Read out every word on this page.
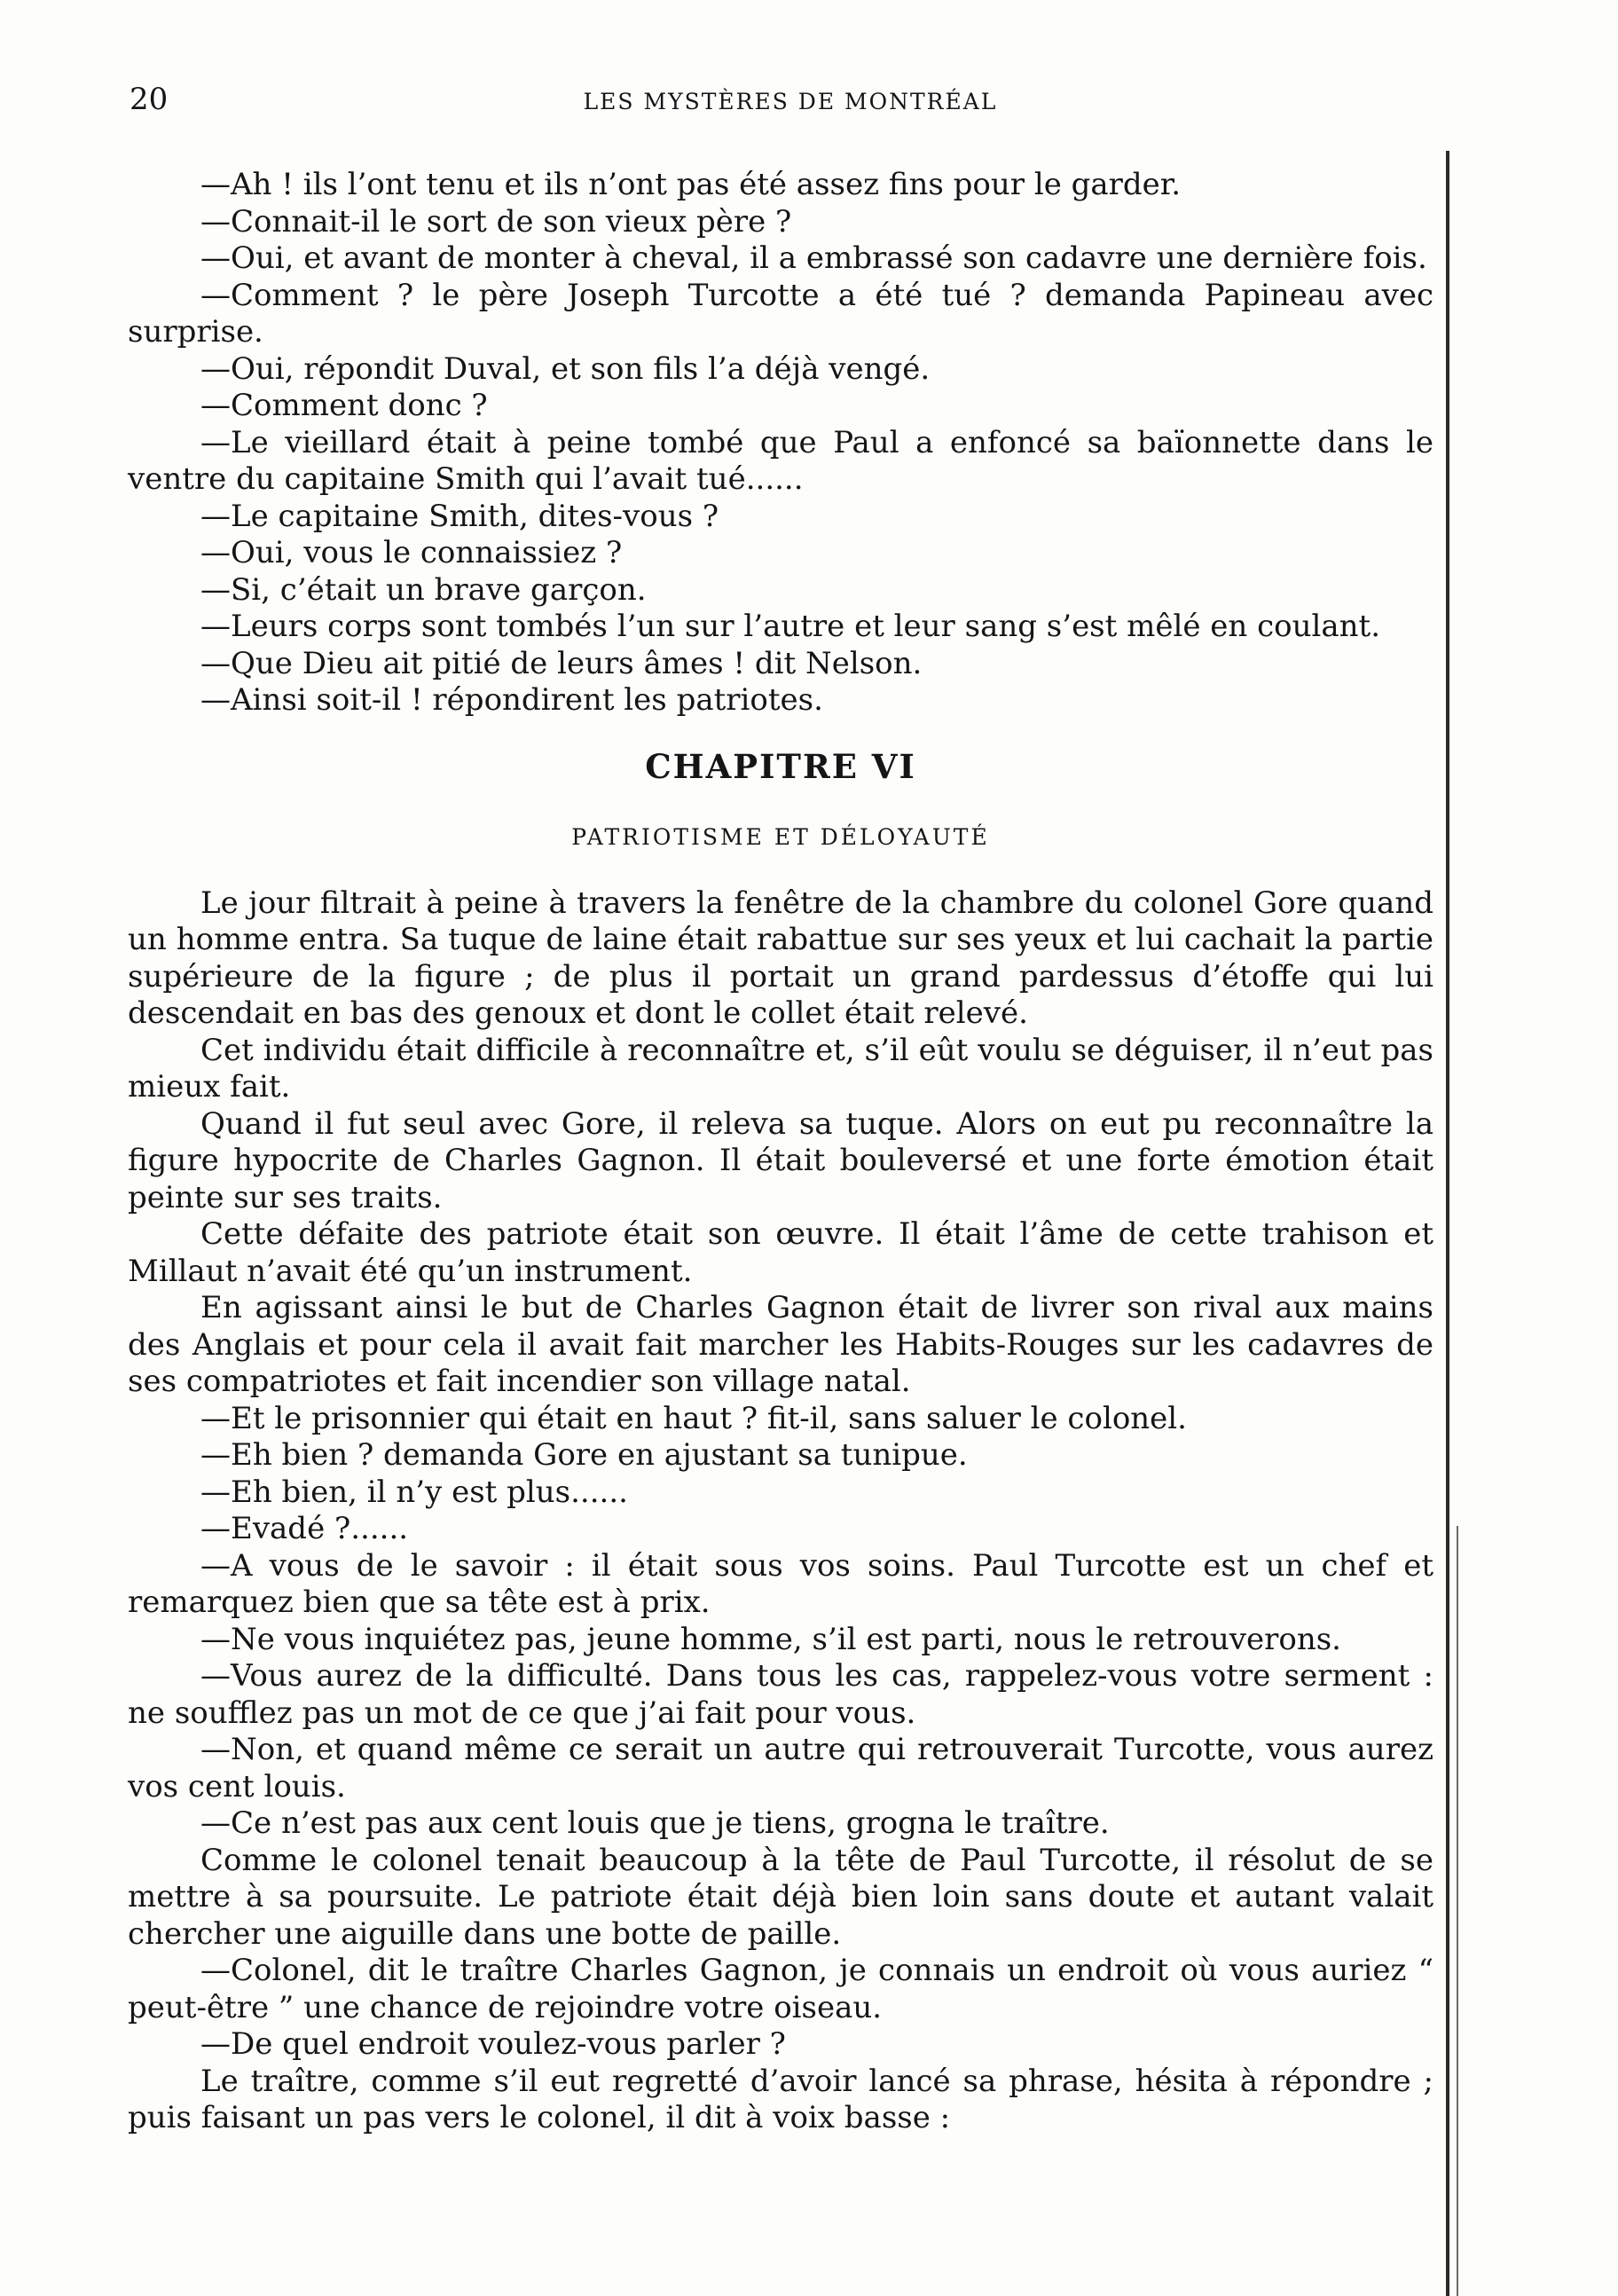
20	LES MYSTÈRES DE MONTRÉAL

—Ah ! ils l’ont tenu et ils n’ont pas été assez fins pour le garder.

—Connait-il le sort de son vieux père ?

—Oui, et avant de monter à cheval, il a embrassé son cadavre une dernière fois.

—Comment ? le père Joseph Turcotte a été tué ? demanda Papineau avec surprise.

—Oui, répondit Duval, et son fils l’a déjà vengé.

—Comment donc ?

—Le vieillard était à peine tombé que Paul a enfoncé sa baïonnette dans le ventre du capitaine Smith qui l’avait tué......

—Le capitaine Smith, dites-vous ?

—Oui, vous le connaissiez ?

—Si, c’était un brave garçon.

—Leurs corps sont tombés l’un sur l’autre et leur sang s’est mêlé en coulant.

—Que Dieu ait pitié de leurs âmes ! dit Nelson.

—Ainsi soit-il ! répondirent les patriotes.

CHAPITRE VI
PATRIOTISME ET DÉLOYAUTÉ

Le jour filtrait à peine à travers la fenêtre de la chambre du colonel Gore quand un homme entra. Sa tuque de laine était rabattue sur ses yeux et lui cachait la partie supérieure de la figure ; de plus il portait un grand pardessus d’étoffe qui lui descendait en bas des genoux et dont le collet était relevé.

Cet individu était difficile à reconnaître et, s’il eût voulu se déguiser, il n’eut pas mieux fait.

Quand il fut seul avec Gore, il releva sa tuque. Alors on eut pu reconnaître la figure hypocrite de Charles Gagnon. Il était bouleversé et une forte émotion était peinte sur ses traits.

Cette défaite des patriote était son œuvre. Il était l’âme de cette trahison et Millaut n’avait été qu’un instrument.

En agissant ainsi le but de Charles Gagnon était de livrer son rival aux mains des Anglais et pour cela il avait fait marcher les Habits-Rouges sur les cadavres de ses compatriotes et fait incendier son village natal.

—Et le prisonnier qui était en haut ? fit-il, sans saluer le colonel.

—Eh bien ? demanda Gore en ajustant sa tunipue.

—Eh bien, il n’y est plus......

—Evadé ?......

—A vous de le savoir : il était sous vos soins. Paul Turcotte est un chef et remarquez bien que sa tête est à prix.

—Ne vous inquiétez pas, jeune homme, s’il est parti, nous le retrouverons.

—Vous aurez de la difficulté. Dans tous les cas, rappelez-vous votre serment : ne soufflez pas un mot de ce que j’ai fait pour vous.

—Non, et quand même ce serait un autre qui retrouverait Turcotte, vous aurez vos cent louis.

—Ce n’est pas aux cent louis que je tiens, grogna le traître.

Comme le colonel tenait beaucoup à la tête de Paul Turcotte, il résolut de se mettre à sa poursuite. Le patriote était déjà bien loin sans doute et autant valait chercher une aiguille dans une botte de paille.

—Colonel, dit le traître Charles Gagnon, je connais un endroit où vous auriez “ peut-être ” une chance de rejoindre votre oiseau.

—De quel endroit voulez-vous parler ?

Le traître, comme s’il eut regretté d’avoir lancé sa phrase, hésita à répondre ; puis faisant un pas vers le colonel, il dit à voix basse :
